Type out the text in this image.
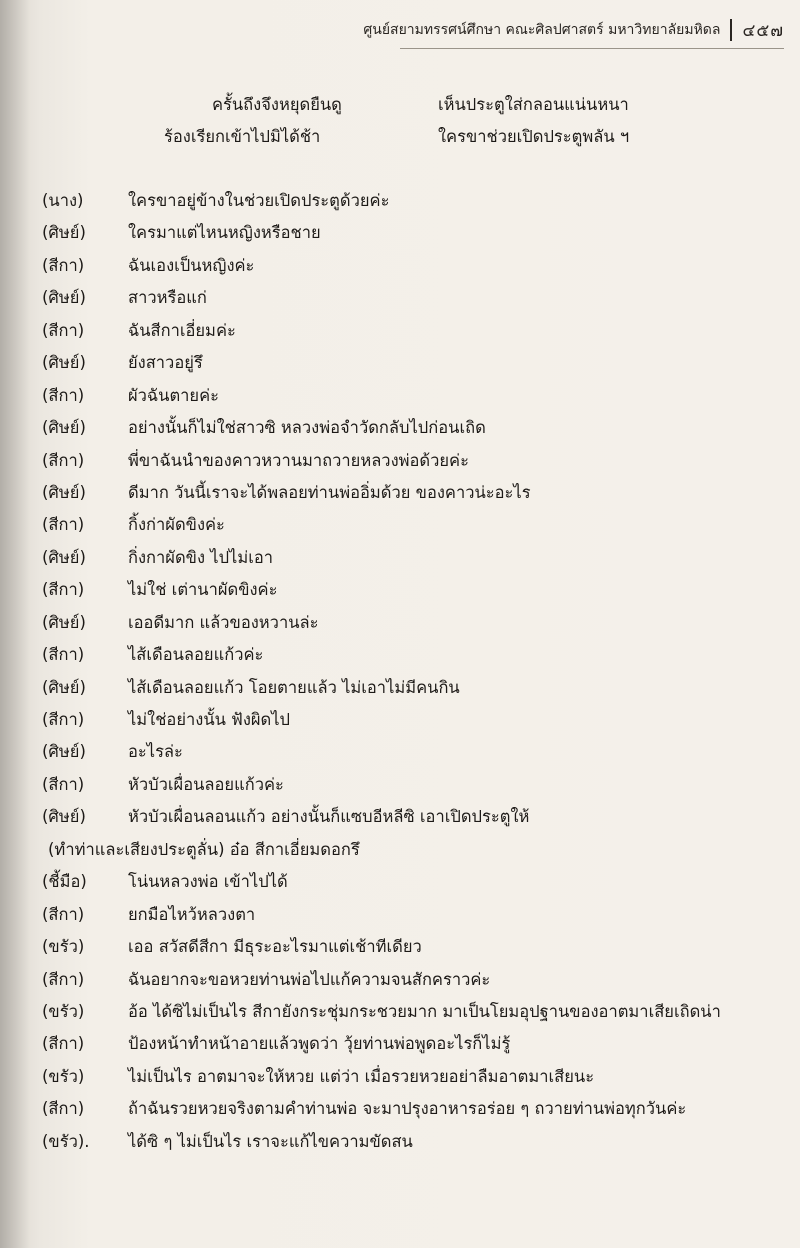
ศูนย์สยามทรรศน์ศึกษา คณะศิลปศาสตร์ มหาวิทยาลัยมหิดล ๔๕๗
ครั้นถึงจึงหยุดยืนดู	เห็นประตูใส่กลอนแน่นหนา
ร้องเรียกเข้าไปมิได้ช้า	ใครขาช่วยเปิดประตูพลัน ฯ
(นาง)	ใครขาอยู่ข้างในช่วยเปิดประตูด้วยค่ะ
(ศิษย์)	ใครมาแต่ไหนหญิงหรือชาย
(สีกา)	ฉันเองเป็นหญิงค่ะ
(ศิษย์)	สาวหรือแก่
(สีกา)	ฉันสีกาเอี่ยมค่ะ
(ศิษย์)	ยังสาวอยู่รึ
(สีกา)	ผัวฉันตายค่ะ
(ศิษย์)	อย่างนั้นก็ไม่ใช่สาวซิ หลวงพ่อจำวัดกลับไปก่อนเถิด
(สีกา)	พี่ขาฉันนำของคาวหวานมาถวายหลวงพ่อด้วยค่ะ
(ศิษย์)	ดีมาก วันนี้เราจะได้พลอยท่านพ่ออิ่มด้วย ของคาวน่ะอะไร
(สีกา)	กิ้งก่าผัดขิงค่ะ
(ศิษย์)	กิ่งกาผัดขิง ไปไม่เอา
(สีกา)	ไม่ใช่ เต่านาผัดขิงค่ะ
(ศิษย์)	เออดีมาก แล้วของหวานล่ะ
(สีกา)	ไส้เดือนลอยแก้วค่ะ
(ศิษย์)	ไส้เดือนลอยแก้ว โอยตายแล้ว ไม่เอาไม่มีคนกิน
(สีกา)	ไม่ใช่อย่างนั้น ฟังผิดไป
(ศิษย์)	อะไรล่ะ
(สีกา)	หัวบัวเผื่อนลอยแก้วค่ะ
(ศิษย์)	หัวบัวเผื่อนลอนแก้ว อย่างนั้นก็แซบอีหลีซิ เอาเปิดประตูให้
(ทำท่าและเสียงประตูลั่น) อ๋อ สีกาเอี่ยมดอกรึ
(ชี้มือ) โน่นหลวงพ่อ เข้าไปได้
(สีกา)	ยกมือไหว้หลวงตา
(ขรัว)	เออ สวัสดีสีกา มีธุระอะไรมาแต่เช้าทีเดียว
(สีกา)	ฉันอยากจะขอหวยท่านพ่อไปแก้ความจนสักคราวค่ะ
(ขรัว)	อ้อ ได้ซิไม่เป็นไร สีกายังกระชุ่มกระชวยมาก มาเป็นโยมอุปฐานของอาตมาเสียเถิดน่า
(สีกา)	ป้องหน้าทำหน้าอายแล้วพูดว่า วุ้ยท่านพ่อพูดอะไรก็ไม่รู้
(ขรัว)	ไม่เป็นไร อาตมาจะให้หวย แต่ว่า เมื่อรวยหวยอย่าลืมอาตมาเสียนะ
(สีกา)	ถ้าฉันรวยหวยจริงตามคำท่านพ่อ จะมาปรุงอาหารอร่อย ๆ ถวายท่านพ่อทุกวันค่ะ
(ขรัว). ได้ซิ ๆ ไม่เป็นไร เราจะแก้ไขความขัดสน
